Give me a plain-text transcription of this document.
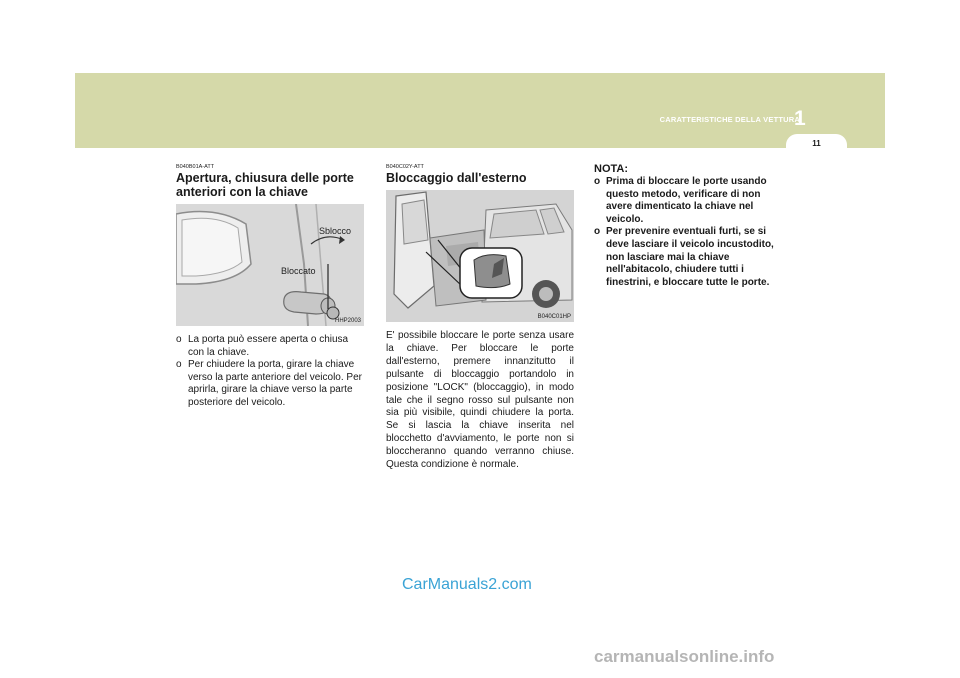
CARATTERISTICHE DELLA VETTURA
1
11
B040B01A-ATT
Apertura, chiusura delle porte anteriori con la chiave
Sblocco
Bloccato
HHP2003
o La porta può essere aperta o chiusa con la chiave.
o Per chiudere la porta, girare la chiave verso la parte anteriore del veicolo. Per aprirla, girare la chiave verso la parte posteriore del veicolo.
B040C02Y-ATT
Bloccaggio dall'esterno
B040C01HP

E' possibile bloccare le porte senza usare la chiave. Per bloccare le porte dall'esterno, premere innanzitutto il pulsante di bloccaggio portandolo in posizione "LOCK" (bloccaggio), in modo tale che il segno rosso sul pulsante non sia più visibile, quindi chiudere la porta. Se si lascia la chiave inserita nel blocchetto d'avviamento, le porte non si bloccheranno quando verranno chiuse. Questa condizione è normale.

NOTA:
o Prima di bloccare le porte usando questo metodo, verificare di non avere dimenticato la chiave nel veicolo.
o Per prevenire eventuali furti, se si deve lasciare il veicolo incustodito, non lasciare mai la chiave nell'abitacolo, chiudere tutti i finestrini, e bloccare tutte le porte.
CarManuals2.com
carmanualsonline.info
